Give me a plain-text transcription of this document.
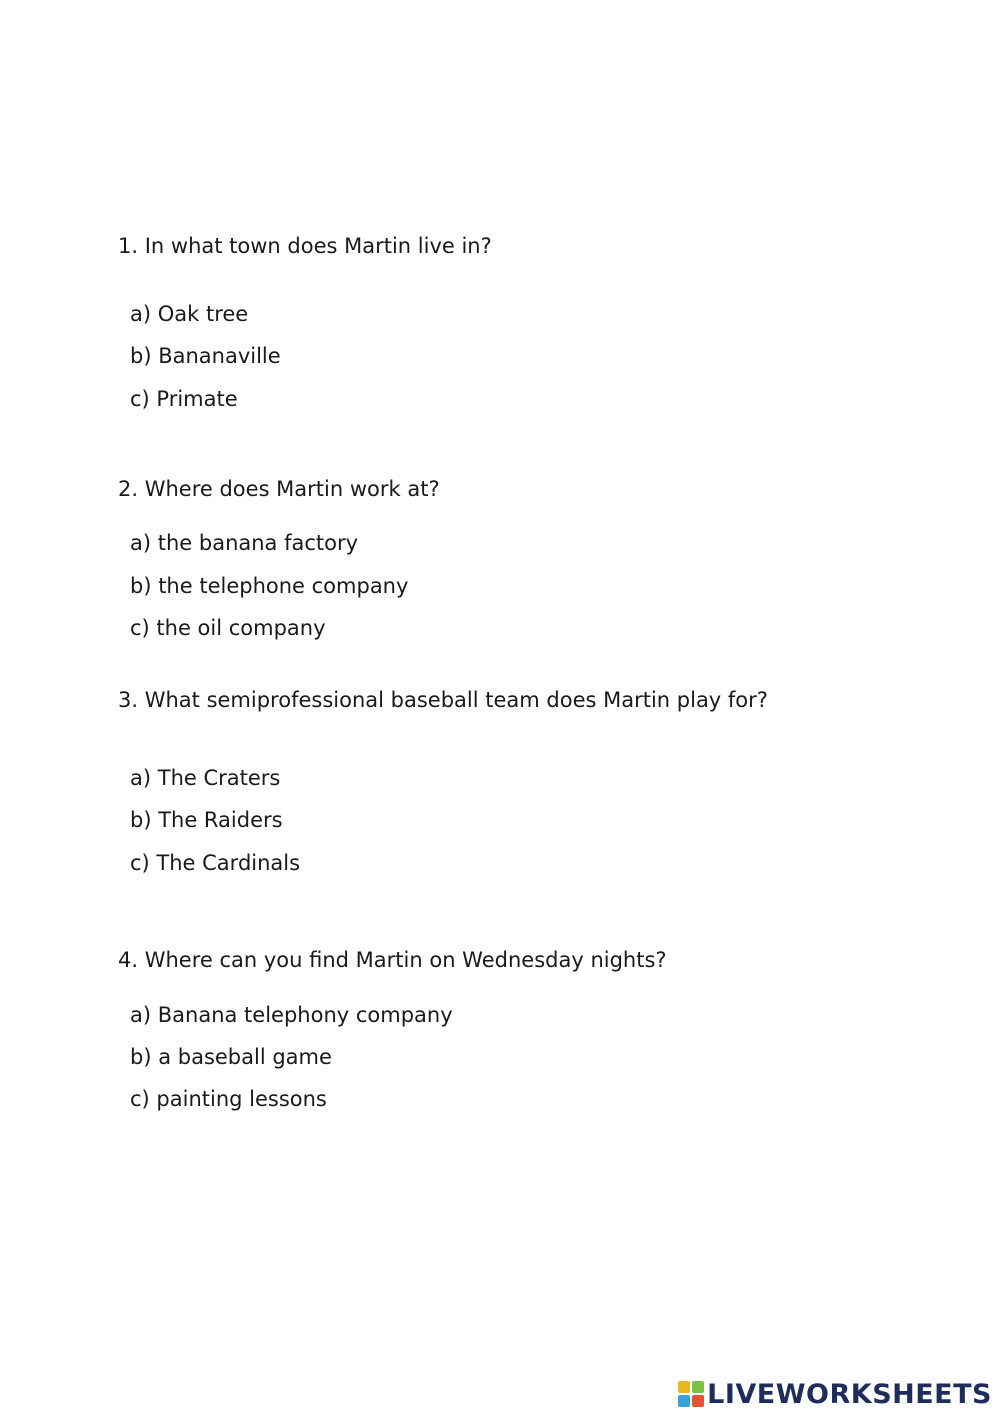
1. In what town does Martin live in?
a) Oak tree
b) Bananaville
c) Primate
2. Where does Martin work at?
a) the banana factory
b) the telephone company
c) the oil company
3. What semiprofessional baseball team does Martin play for?
a) The Craters
b) The Raiders
c) The Cardinals
4. Where can you find Martin on Wednesday nights?
a) Banana telephony company
b) a baseball game
c) painting lessons
LIVEWORKSHEETS
